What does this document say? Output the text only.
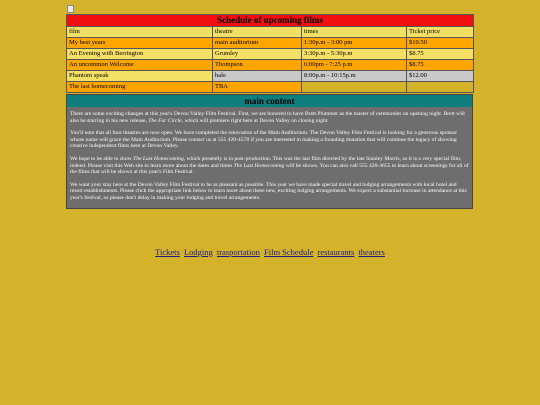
Schedule of upcoming films			
film	theatre	times	Ticket price
My best years	main auditorium	1:30p.m - 3:00 pm	$10.50
An Evening with Berrington	Grumley	3:30p.m - 5:30p.m	$8.75
An uncommon Welcome	Thompson	6:00pm - 7:25 p.m	$8.75
Phantom speak	hale	8:00p.m - 10:15p.m	$12.00
The last homecoming	TBA		
main content

There are some exciting changes at this year's Devon Valley Film Festival. First, we are honored to have Brett Plummer as the master of ceremonies on opening night. Brett will also be starring in his new release, The Far Circle, which will premiere right here at Devon Valley on closing night.

You'll note that all four theatres are now open. We have completed the renovation of the Main Auditorium. The Devon Valley Film Festival is looking for a generous sponsor whose name will grace the Main Auditorium. Please contact us at 555 420-4578 if you are interested in making a founding donation that will continue the legacy of showing creative independent films here at Devon Valley.

We hope to be able to show The Last Homecoming, which presently is in post-production. This was the last film directed by the late Stanley Morris, so it is a very special film, indeed. Please visit this Web site to learn more about the dates and times The Last Homecoming will be shown. You can also call 555 420-4655 to learn about screenings for all of the films that will be shown at this year's Film Festival.

We want your stay here at the Devon Valley Film Festival to be as pleasant as possible. This year we have made special travel and lodging arrangements with local hotel and resort establishments. Please click the appropriate link below to learn more about these new, exciting lodging arrangements. We expect a substantial increase in attendance at this year's festival, so please don't delay in making your lodging and travel arrangements.

Tickets Lodging trasportation Film Schedule restaurants theaters
